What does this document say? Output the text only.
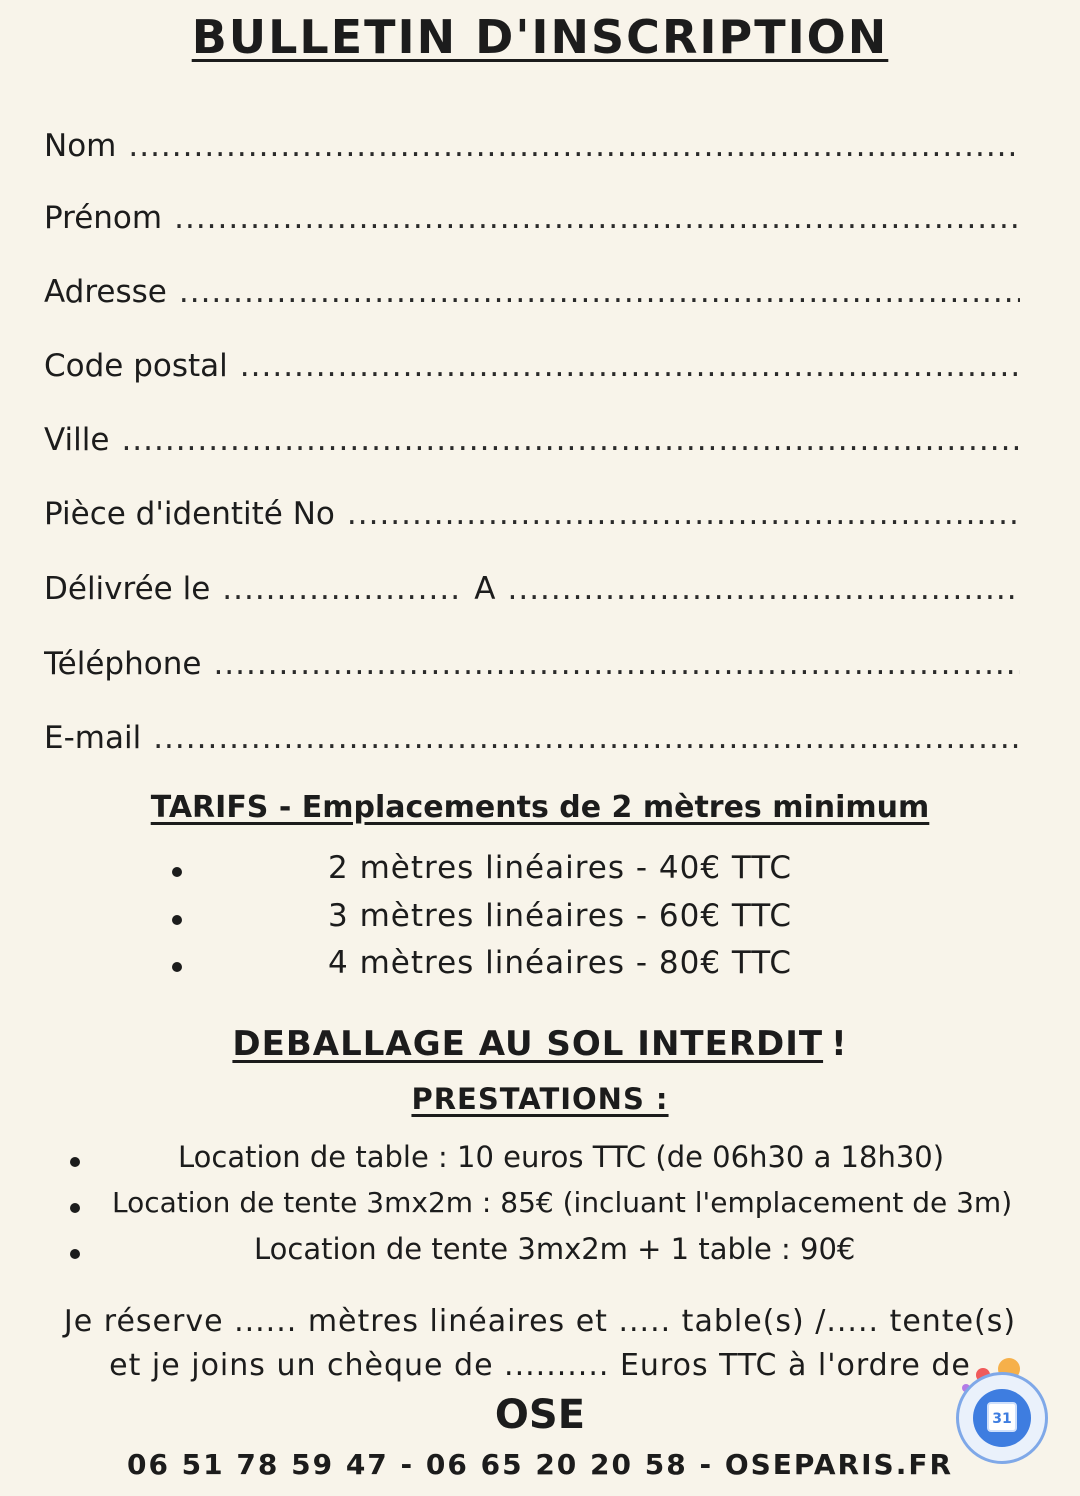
BULLETIN D'INSCRIPTION
Nom
.....
Prénom
.....
Adresse
.....
Code postal
.....
Ville
.....
Pièce d'identité No
.....
Délivrée le
.....	A
.....
Téléphone
.....
E-mail
.....
TARIFS - Emplacements de 2 mètres minimum
2 mètres linéaires - 40€ TTC
3 mètres linéaires - 60€ TTC
4 mètres linéaires - 80€ TTC
DEBALLAGE AU SOL INTERDIT !
PRESTATIONS :
Location de table : 10 euros TTC (de 06h30 a 18h30)
Location de tente 3mx2m : 85€ (incluant l'emplacement de 3m)
Location de tente 3mx2m + 1 table : 90€
Je réserve ...... mètres linéaires et ..... table(s) /..... tente(s)
et je joins un chèque de .......... Euros TTC à l'ordre de
OSE
06 51 78 59 47 - 06 65 20 20 58 - OSEPARIS.FR
31
